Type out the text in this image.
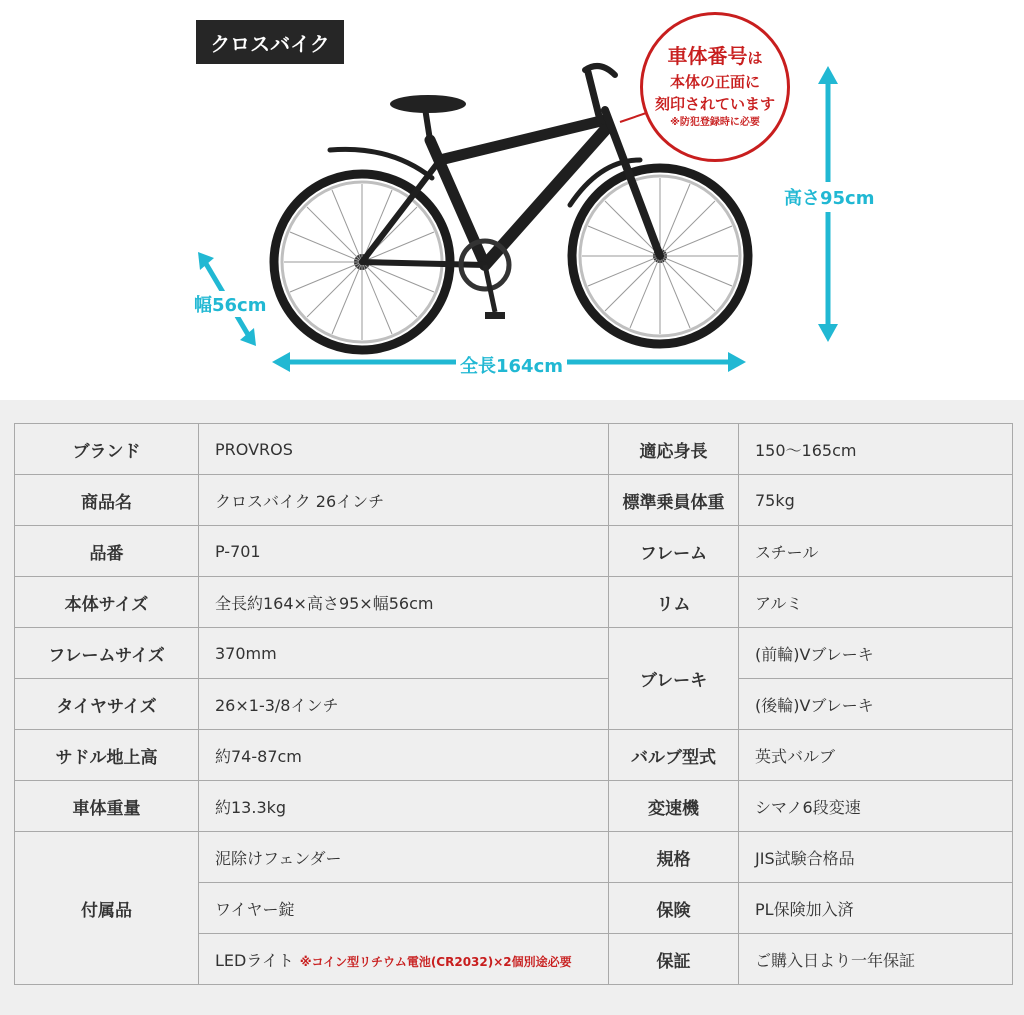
クロスバイク
車体番号は
本体の正面に
刻印されています
※防犯登録時に必要
全長164cm
幅56cm
高さ95cm
ブランド	PROVROS	適応身長	150〜165cm
商品名	クロスバイク 26インチ	標準乗員体重	75kg
品番	P-701	フレーム	スチール
本体サイズ	全長約164×高さ95×幅56cm	リム	アルミ
フレームサイズ	370mm	ブレーキ	(前輪)Vブレーキ
タイヤサイズ	26×1-3/8インチ		(後輪)Vブレーキ
サドル地上高	約74-87cm	バルブ型式	英式バルブ
車体重量	約13.3kg	変速機	シマノ6段変速
付属品	泥除けフェンダー	規格	JIS試験合格品
	ワイヤー錠	保険	PL保険加入済
	LEDライト ※コイン型リチウム電池(CR2032)×2個別途必要	保証	ご購入日より一年保証
